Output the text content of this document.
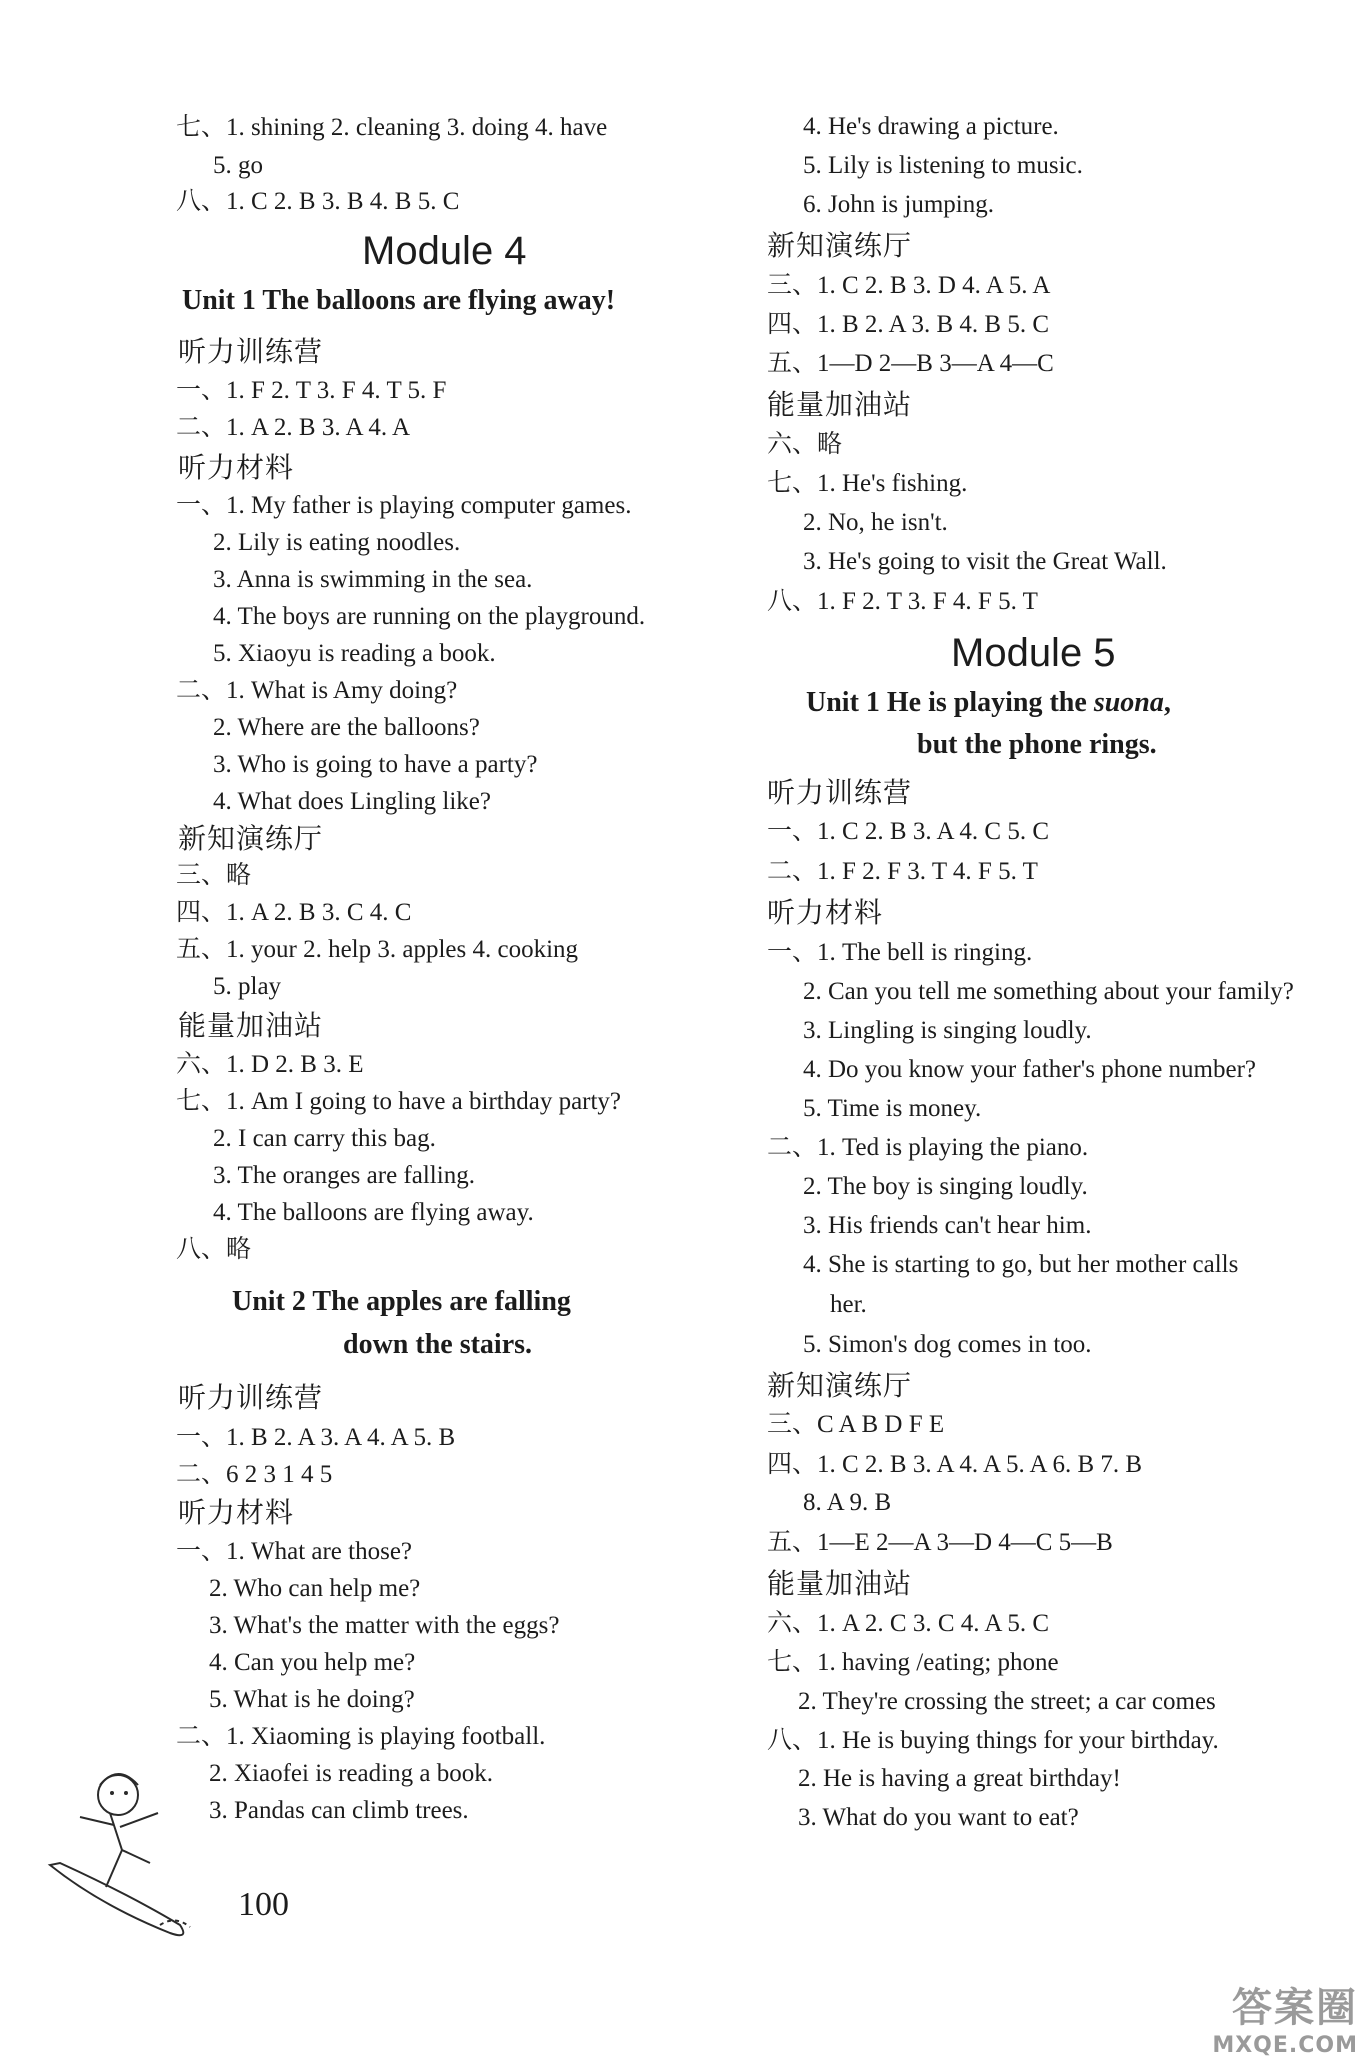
七、1. shining 2. cleaning 3. doing 4. have
5. go
八、1. C 2. B 3. B 4. B 5. C
Module 4
Unit 1 The balloons are flying away!
听力训练营
一、1. F 2. T 3. F 4. T 5. F
二、1. A 2. B 3. A 4. A
听力材料
一、1. My father is playing computer games.
2. Lily is eating noodles.
3. Anna is swimming in the sea.
4. The boys are running on the playground.
5. Xiaoyu is reading a book.
二、1. What is Amy doing?
2. Where are the balloons?
3. Who is going to have a party?
4. What does Lingling like?
新知演练厅
三、略
四、1. A 2. B 3. C 4. C
五、1. your 2. help 3. apples 4. cooking
5. play
能量加油站
六、1. D 2. B 3. E
七、1. Am I going to have a birthday party?
2. I can carry this bag.
3. The oranges are falling.
4. The balloons are flying away.
八、略
Unit 2 The apples are falling
down the stairs.
听力训练营
一、1. B 2. A 3. A 4. A 5. B
二、6 2 3 1 4 5
听力材料
一、1. What are those?
2. Who can help me?
3. What's the matter with the eggs?
4. Can you help me?
5. What is he doing?
二、1. Xiaoming is playing football.
2. Xiaofei is reading a book.
3. Pandas can climb trees.
4. He's drawing a picture.
5. Lily is listening to music.
6. John is jumping.
新知演练厅
三、1. C 2. B 3. D 4. A 5. A
四、1. B 2. A 3. B 4. B 5. C
五、1—D 2—B 3—A 4—C
能量加油站
六、略
七、1. He's fishing.
2. No, he isn't.
3. He's going to visit the Great Wall.
八、1. F 2. T 3. F 4. F 5. T
Module 5
Unit 1 He is playing the suona,
but the phone rings.
听力训练营
一、1. C 2. B 3. A 4. C 5. C
二、1. F 2. F 3. T 4. F 5. T
听力材料
一、1. The bell is ringing.
2. Can you tell me something about your family?
3. Lingling is singing loudly.
4. Do you know your father's phone number?
5. Time is money.
二、1. Ted is playing the piano.
2. The boy is singing loudly.
3. His friends can't hear him.
4. She is starting to go, but her mother calls
her.
5. Simon's dog comes in too.
新知演练厅
三、C A B D F E
四、1. C 2. B 3. A 4. A 5. A 6. B 7. B
8. A 9. B
五、1—E 2—A 3—D 4—C 5—B
能量加油站
六、1. A 2. C 3. C 4. A 5. C
七、1. having /eating; phone
2. They're crossing the street; a car comes
八、1. He is buying things for your birthday.
2. He is having a great birthday!
3. What do you want to eat?
100
答案圈
MXQE.COM
